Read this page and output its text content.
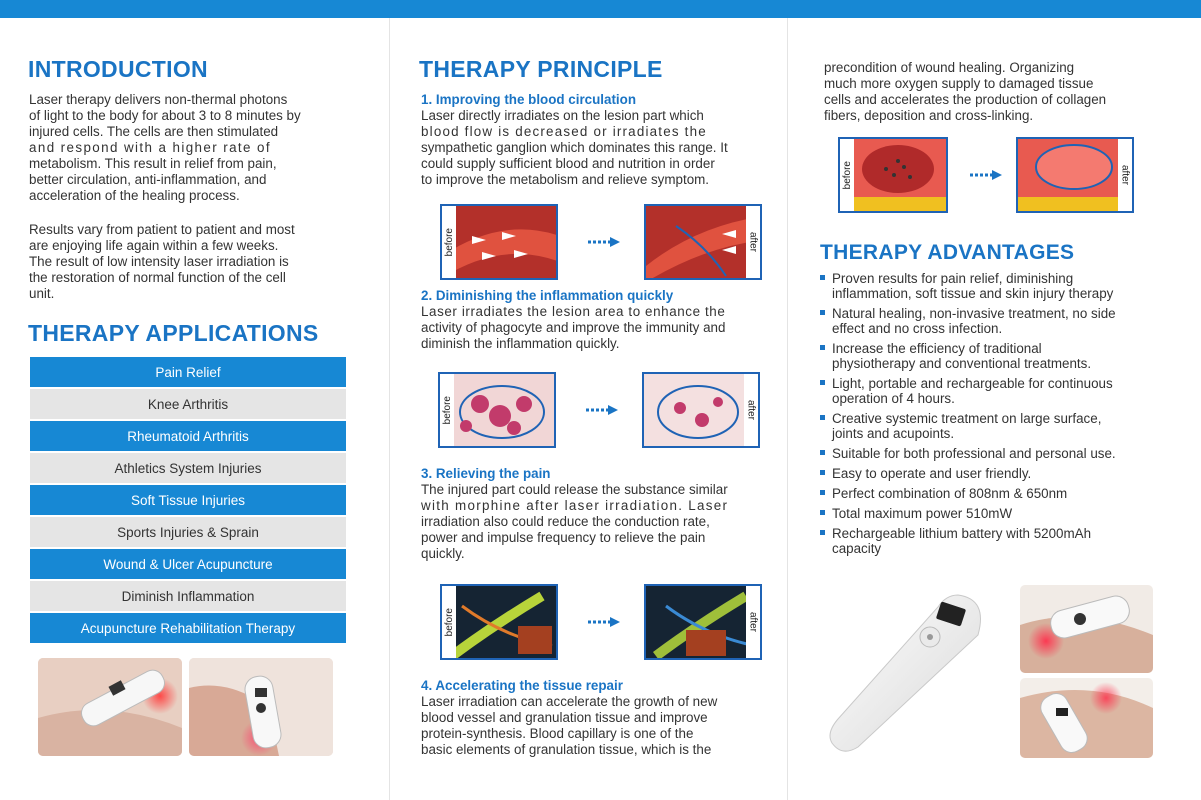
INTRODUCTION
Laser therapy delivers non-thermal photons
of light to the body for about 3 to 8 minutes by
injured cells. The cells are then stimulated
and respond with a higher rate of
metabolism. This result in relief from pain,
better circulation, anti-inflammation, and
acceleration of the healing process.
Results vary from patient to patient and most
are enjoying life again within a few weeks.
The result of low intensity laser irradiation is
the restoration of normal function of the cell
unit.
THERAPY APPLICATIONS
Pain Relief
Knee Arthritis
Rheumatoid Arthritis
Athletics System Injuries
Soft Tissue Injuries
Sports Injuries & Sprain
Wound & Ulcer Acupuncture
Diminish Inflammation
Acupuncture Rehabilitation Therapy
THERAPY PRINCIPLE
1. Improving the blood circulation
Laser directly irradiates on the lesion part which
blood flow is decreased or irradiates the
sympathetic ganglion which dominates this range. It
could supply sufficient blood and nutrition in order
to improve the metabolism and relieve symptom.
before	after
2. Diminishing the inflammation quickly
Laser irradiates the lesion area to enhance the
activity of phagocyte and improve the immunity and
diminish the inflammation quickly.
before	after
3. Relieving the pain
The injured part could release the substance similar
with morphine after laser irradiation. Laser
irradiation also could reduce the conduction rate,
power and impulse frequency to relieve the pain
quickly.
before	after
4. Accelerating the tissue repair
Laser irradiation can accelerate the growth of new
blood vessel and granulation tissue and improve
protein-synthesis. Blood capillary is one of the
basic elements of granulation tissue, which is the
precondition of wound healing. Organizing
much more oxygen supply to damaged tissue
cells and accelerates the production of collagen
fibers, deposition and cross-linking.
before	after
THERAPY ADVANTAGES
Proven results for pain relief, diminishing
inflammation, soft tissue and skin injury therapy
Natural healing, non-invasive treatment, no side
effect and no cross infection.
Increase the efficiency of traditional
physiotherapy and conventional treatments.
Light, portable and rechargeable for continuous
operation of 4 hours.
Creative systemic treatment on large surface,
joints and acupoints.
Suitable for both professional and personal use.
Easy to operate and user friendly.
Perfect combination of 808nm & 650nm
Total maximum power 510mW
Rechargeable lithium battery with 5200mAh
capacity
